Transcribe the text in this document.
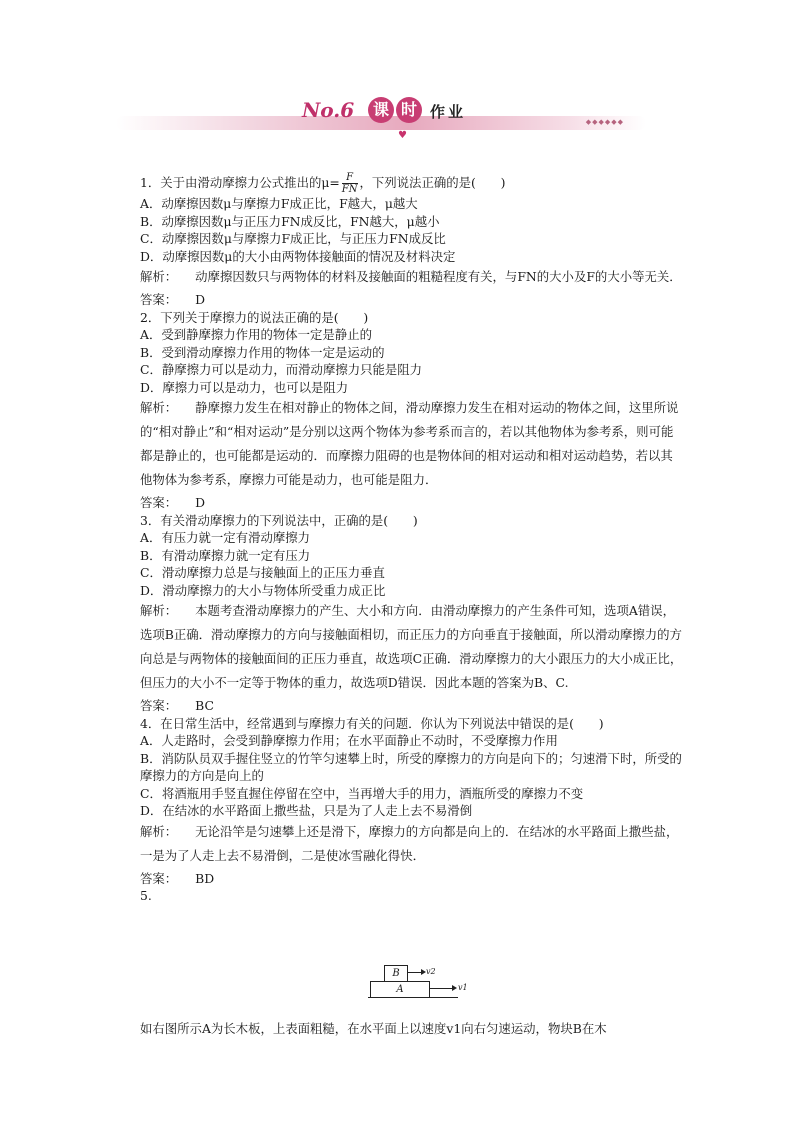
No.6	课 时 作业
◆◆◆◆◆◆
♥

1．关于由滑动摩擦力公式推出的$\mu= \frac{F}{FN}$ ，下列说法正确的是(　　)

A．动摩擦因数μ与摩擦力F成正比，F越大，μ越大

B．动摩擦因数μ与正压力FN成反比，FN越大，μ越小

C．动摩擦因数μ与摩擦力F成正比，与正压力FN成反比

D．动摩擦因数μ的大小由两物体接触面的情况及材料决定

解析： 动摩擦因数只与两物体的材料及接触面的粗糙程度有关，与FN的大小及F的大小等无关．

答案： D

2．下列关于摩擦力的说法正确的是(　　)

A．受到静摩擦力作用的物体一定是静止的

B．受到滑动摩擦力作用的物体一定是运动的

C．静摩擦力可以是动力，而滑动摩擦力只能是阻力

D．摩擦力可以是动力，也可以是阻力

解析： 静摩擦力发生在相对静止的物体之间，滑动摩擦力发生在相对运动的物体之间，这里所说的“相对静止”和“相对运动”是分别以这两个物体为参考系而言的，若以其他物体为参考系，则可能都是静止的，也可能都是运动的．而摩擦力阻碍的也是物体间的相对运动和相对运动趋势，若以其他物体为参考系，摩擦力可能是动力，也可能是阻力．

答案： D

3．有关滑动摩擦力的下列说法中，正确的是(　　)

A．有压力就一定有滑动摩擦力

B．有滑动摩擦力就一定有压力

C．滑动摩擦力总是与接触面上的正压力垂直

D．滑动摩擦力的大小与物体所受重力成正比

解析： 本题考查滑动摩擦力的产生、大小和方向．由滑动摩擦力的产生条件可知，选项A错误，选项B正确．滑动摩擦力的方向与接触面相切，而正压力的方向垂直于接触面，所以滑动摩擦力的方向总是与两物体的接触面间的正压力垂直，故选项C正确．滑动摩擦力的大小跟压力的大小成正比，但压力的大小不一定等于物体的重力，故选项D错误．因此本题的答案为B、C.

答案： BC

4．在日常生活中，经常遇到与摩擦力有关的问题．你认为下列说法中错误的是(　　)

A．人走路时，会受到静摩擦力作用；在水平面静止不动时，不受摩擦力作用

B．消防队员双手握住竖立的竹竿匀速攀上时，所受的摩擦力的方向是向下的；匀速滑下时，所受的摩擦力的方向是向上的

C．将酒瓶用手竖直握住停留在空中，当再增大手的用力，酒瓶所受的摩擦力不变

D．在结冰的水平路面上撒些盐，只是为了人走上去不易滑倒

解析： 无论沿竿是匀速攀上还是滑下，摩擦力的方向都是向上的．在结冰的水平路面上撒些盐，一是为了人走上去不易滑倒，二是使冰雪融化得快．

答案： BD

5.

A
B
v1
v2

如右图所示A为长木板，上表面粗糙，在水平面上以速度v1向右匀速运动，物块B在木
